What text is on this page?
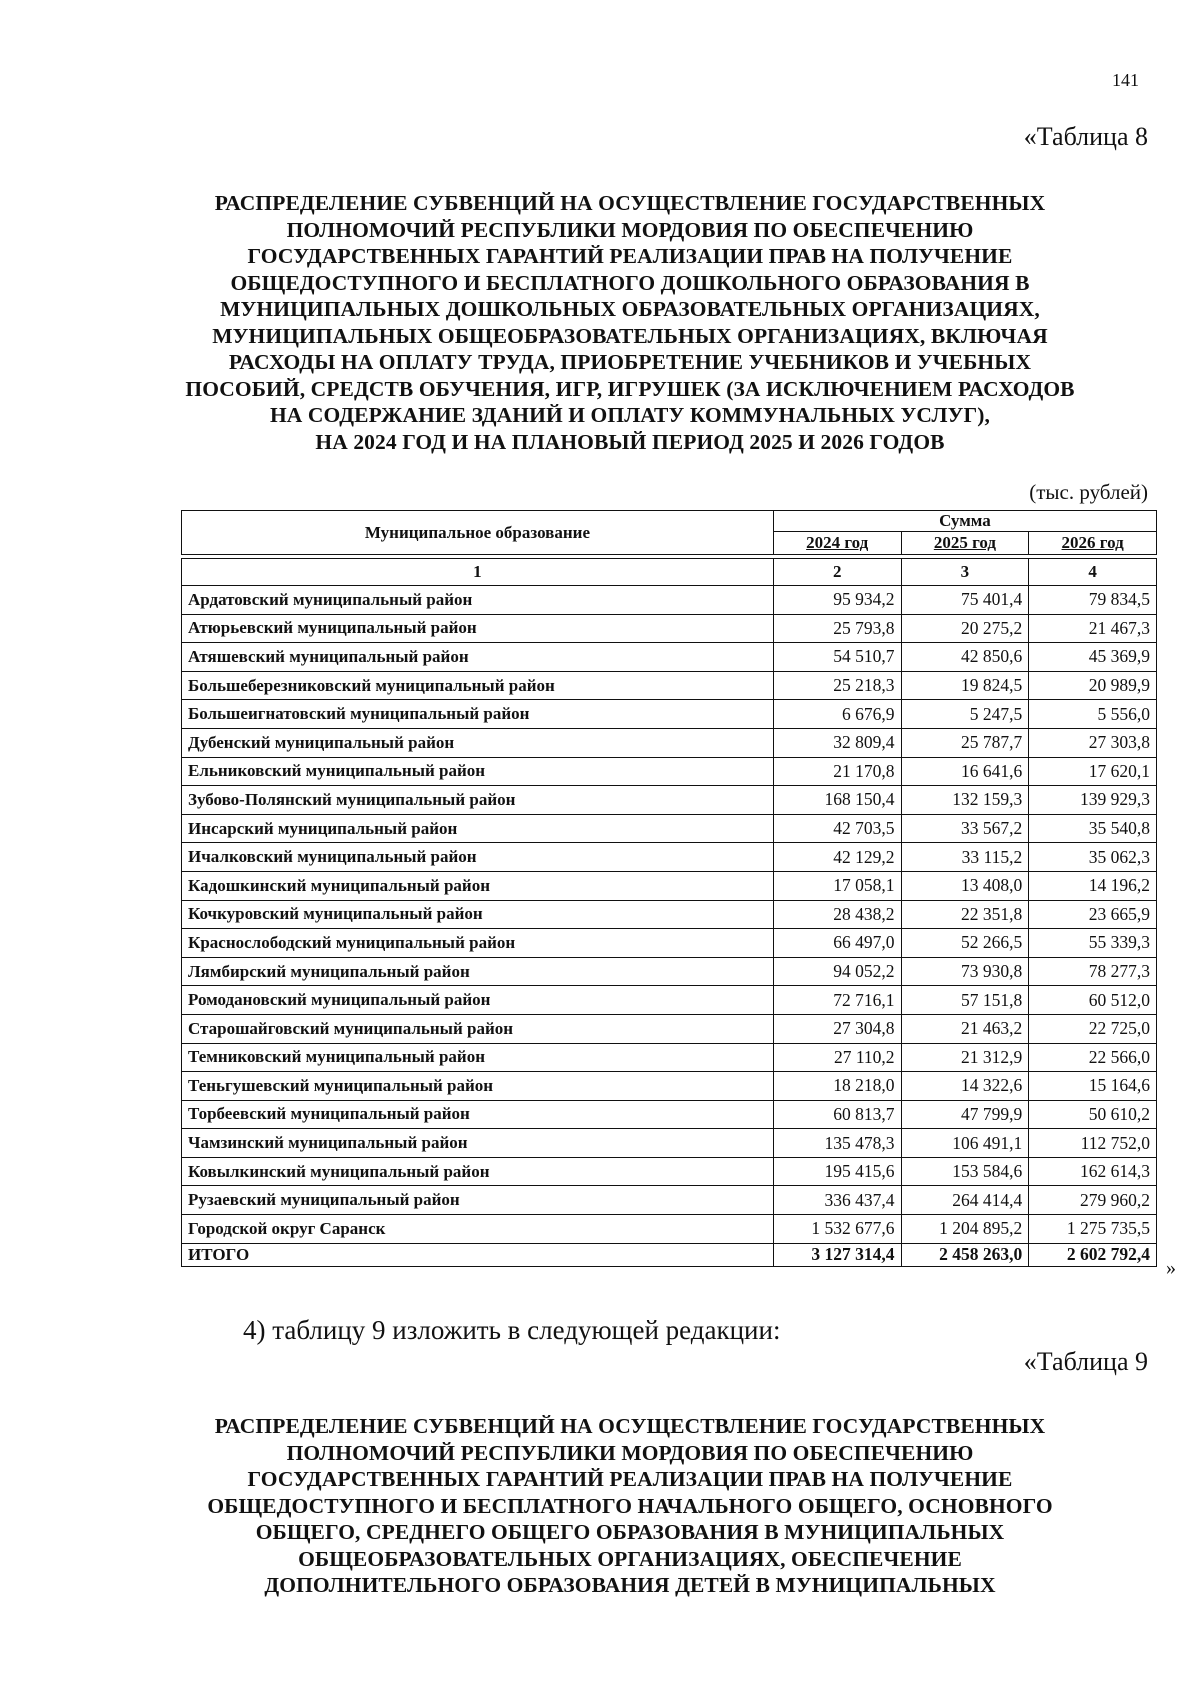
141
«Таблица 8
РАСПРЕДЕЛЕНИЕ СУБВЕНЦИЙ НА ОСУЩЕСТВЛЕНИЕ ГОСУДАРСТВЕННЫХ
ПОЛНОМОЧИЙ РЕСПУБЛИКИ МОРДОВИЯ ПО ОБЕСПЕЧЕНИЮ
ГОСУДАРСТВЕННЫХ ГАРАНТИЙ РЕАЛИЗАЦИИ ПРАВ НА ПОЛУЧЕНИЕ
ОБЩЕДОСТУПНОГО И БЕСПЛАТНОГО ДОШКОЛЬНОГО ОБРАЗОВАНИЯ В
МУНИЦИПАЛЬНЫХ ДОШКОЛЬНЫХ ОБРАЗОВАТЕЛЬНЫХ ОРГАНИЗАЦИЯХ,
МУНИЦИПАЛЬНЫХ ОБЩЕОБРАЗОВАТЕЛЬНЫХ ОРГАНИЗАЦИЯХ, ВКЛЮЧАЯ
РАСХОДЫ НА ОПЛАТУ ТРУДА, ПРИОБРЕТЕНИЕ УЧЕБНИКОВ И УЧЕБНЫХ
ПОСОБИЙ, СРЕДСТВ ОБУЧЕНИЯ, ИГР, ИГРУШЕК (ЗА ИСКЛЮЧЕНИЕМ РАСХОДОВ
НА СОДЕРЖАНИЕ ЗДАНИЙ И ОПЛАТУ КОММУНАЛЬНЫХ УСЛУГ),
НА 2024 ГОД И НА ПЛАНОВЫЙ ПЕРИОД 2025 И 2026 ГОДОВ
(тыс. рублей)
Муниципальное образование	Сумма		
	2024 год	2025 год	2026 год

1	2	3	4
Ардатовский муниципальный район	95 934,2	75 401,4	79 834,5
Атюрьевский муниципальный район	25 793,8	20 275,2	21 467,3
Атяшевский муниципальный район	54 510,7	42 850,6	45 369,9
Большеберезниковский муниципальный район	25 218,3	19 824,5	20 989,9
Большеигнатовский муниципальный район	6 676,9	5 247,5	5 556,0
Дубенский муниципальный район	32 809,4	25 787,7	27 303,8
Ельниковский муниципальный район	21 170,8	16 641,6	17 620,1
Зубово-Полянский муниципальный район	168 150,4	132 159,3	139 929,3
Инсарский муниципальный район	42 703,5	33 567,2	35 540,8
Ичалковский муниципальный район	42 129,2	33 115,2	35 062,3
Кадошкинский муниципальный район	17 058,1	13 408,0	14 196,2
Кочкуровский муниципальный район	28 438,2	22 351,8	23 665,9
Краснослободский муниципальный район	66 497,0	52 266,5	55 339,3
Лямбирский муниципальный район	94 052,2	73 930,8	78 277,3
Ромодановский муниципальный район	72 716,1	57 151,8	60 512,0
Старошайговский муниципальный район	27 304,8	21 463,2	22 725,0
Темниковский муниципальный район	27 110,2	21 312,9	22 566,0
Теньгушевский муниципальный район	18 218,0	14 322,6	15 164,6
Торбеевский муниципальный район	60 813,7	47 799,9	50 610,2
Чамзинский муниципальный район	135 478,3	106 491,1	112 752,0
Ковылкинский муниципальный район	195 415,6	153 584,6	162 614,3
Рузаевский муниципальный район	336 437,4	264 414,4	279 960,2
Городской округ Саранск	1 532 677,6	1 204 895,2	1 275 735,5
ИТОГО	3 127 314,4	2 458 263,0	2 602 792,4
»
4) таблицу 9 изложить в следующей редакции:
«Таблица 9
РАСПРЕДЕЛЕНИЕ СУБВЕНЦИЙ НА ОСУЩЕСТВЛЕНИЕ ГОСУДАРСТВЕННЫХ
ПОЛНОМОЧИЙ РЕСПУБЛИКИ МОРДОВИЯ ПО ОБЕСПЕЧЕНИЮ
ГОСУДАРСТВЕННЫХ ГАРАНТИЙ РЕАЛИЗАЦИИ ПРАВ НА ПОЛУЧЕНИЕ
ОБЩЕДОСТУПНОГО И БЕСПЛАТНОГО НАЧАЛЬНОГО ОБЩЕГО, ОСНОВНОГО
ОБЩЕГО, СРЕДНЕГО ОБЩЕГО ОБРАЗОВАНИЯ В МУНИЦИПАЛЬНЫХ
ОБЩЕОБРАЗОВАТЕЛЬНЫХ ОРГАНИЗАЦИЯХ, ОБЕСПЕЧЕНИЕ
ДОПОЛНИТЕЛЬНОГО ОБРАЗОВАНИЯ ДЕТЕЙ В МУНИЦИПАЛЬНЫХ
